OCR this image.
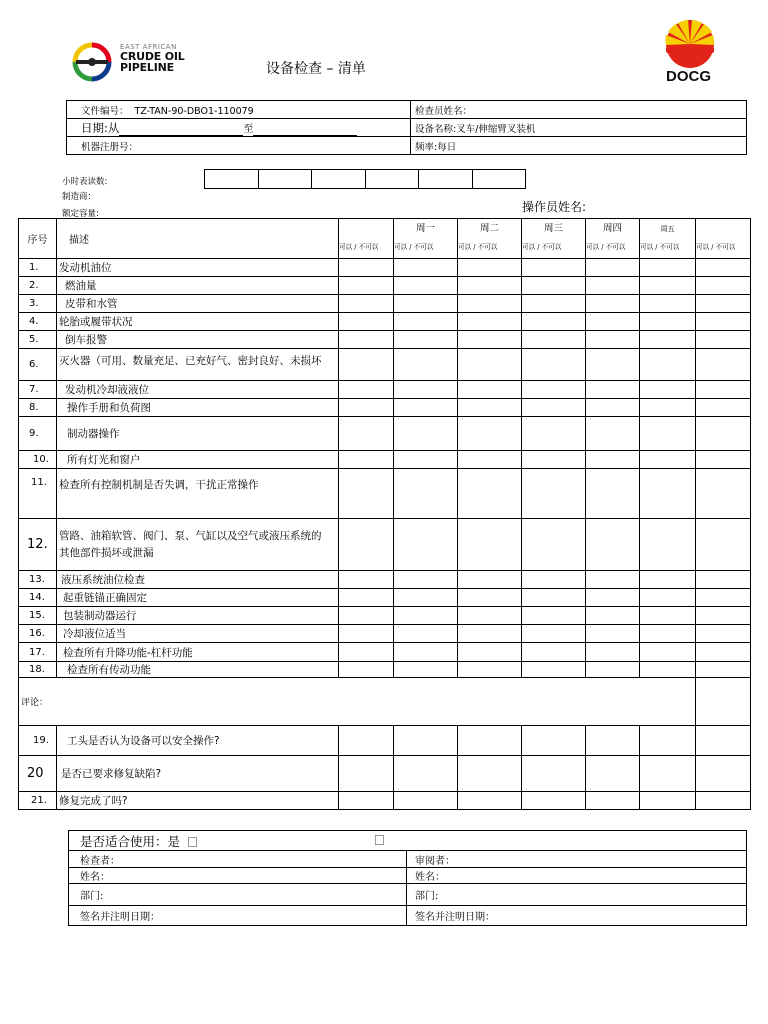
EAST AFRICAN
CRUDE OIL
PIPELINE	设备检查 – 清单	DOCG
文件编号： TZ-TAN-90-DBO1-110079	检查员姓名：
日期:从 至	设备名称:叉车/伸缩臂叉装机
机器注册号：	频率:每日
小时表读数:

制造商：
额定容量:	操作员姓名:
序号	描述		周一	周二	周三	周四	周五	
		可以 / 不可以	可以 / 不可以	可以 / 不可以	可以 / 不可以	可以 / 不可以	可以 / 不可以	可以 / 不可以
1.	发动机油位							
2.	燃油量							
3.	皮带和水管							
4.	轮胎或履带状况							
5.	倒车报警							
6.	灭火器（可用、数量充足、已充好气、密封良好、未损坏							
7.	发动机冷却液液位							
8.	操作手册和负荷图							
9.	制动器操作							
10.	所有灯光和窗户							
11.	检查所有控制机制是否失调，干扰正常操作							
12.	管路、油箱软管、阀门、泵、气缸以及空气或液压系统的其他部件损坏或泄漏							
13.	液压系统油位检查							
14.	起重链锚正确固定							
15.	包装制动器运行							
16.	冷却液位适当							
17.	检查所有升降功能-杠杆功能							
18.	检查所有传动功能							
评论：								
19.	工头是否认为设备可以安全操作?							
20	是否已要求修复缺陷?							
21.	修复完成了吗?							
是否适合使用：是	
检查者：	审阅者：
姓名：	姓名：
部门:	部门:
签名并注明日期：	签名并注明日期：
